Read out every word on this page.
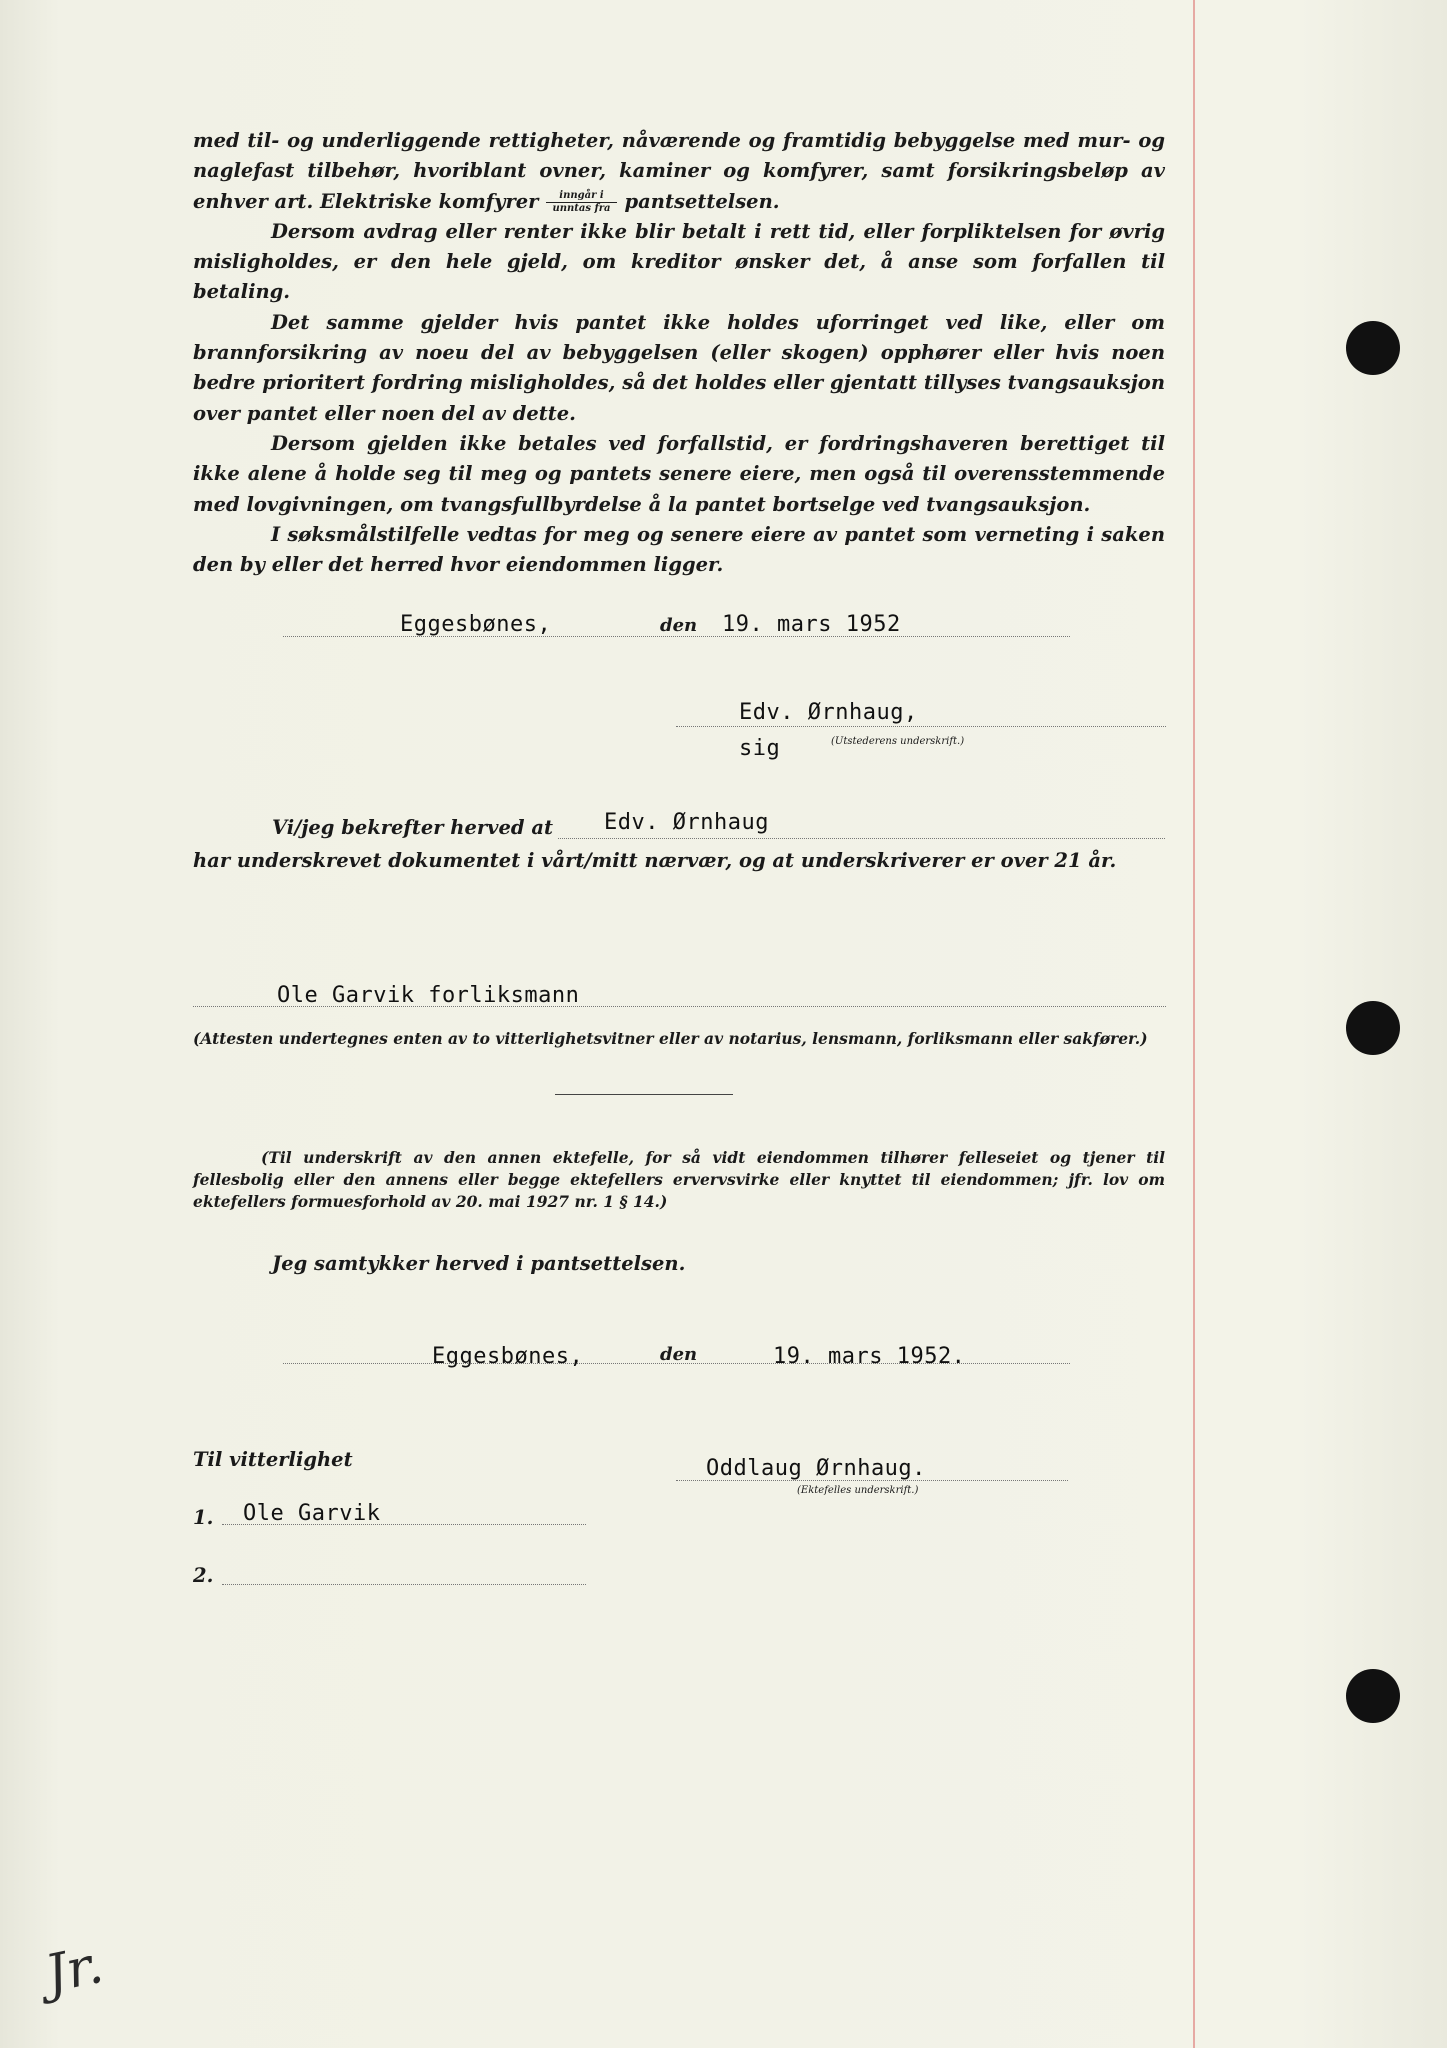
med til- og underliggende rettigheter, nåværende og framtidig bebyggelse med mur- og naglefast tilbehør, hvoriblant ovner, kaminer og komfyrer, samt forsikringsbeløp av enhver art. Elektriske komfyrer $\frac{\text{inngår i}}{\text{unntas fra}}$ pantsettelsen.

Dersom avdrag eller renter ikke blir betalt i rett tid, eller forpliktelsen for øvrig misligholdes, er den hele gjeld, om kreditor ønsker det, å anse som forfallen til betaling.

Det samme gjelder hvis pantet ikke holdes uforringet ved like, eller om brannforsikring av noeu del av bebyggelsen (eller skogen) opphører eller hvis noen bedre prioritert fordring misligholdes, så det holdes eller gjentatt tillyses tvangsauksjon over pantet eller noen del av dette.

Dersom gjelden ikke betales ved forfallstid, er fordringshaveren berettiget til ikke alene å holde seg til meg og pantets senere eiere, men også til overensstemmende med lovgivningen, om tvangsfullbyrdelse å la pantet bortselge ved tvangsauksjon.

I søksmålstilfelle vedtas for meg og senere eiere av pantet som verneting i saken den by eller det herred hvor eiendommen ligger.

Eggesbønes,	den 19. mars 1952
Edv. Ørnhaug,
sig	(Utstederens underskrift.)
Vi/jeg bekrefter herved at Edv. Ørnhaug
har underskrevet dokumentet i vårt/mitt nærvær, og at underskriverer er over 21 år.
Ole Garvik forliksmann
(Attesten undertegnes enten av to vitterlighetsvitner eller av notarius, lensmann, forliksmann eller sakfører.)

(Til underskrift av den annen ektefelle, for så vidt eiendommen tilhører felleseiet og tjener til fellesbolig eller den annens eller begge ektefellers ervervsvirke eller knyttet til eiendommen; jfr. lov om ektefellers formuesforhold av 20. mai 1927 nr. 1 § 14.)

Jeg samtykker herved i pantsettelsen.
Eggesbønes,	den	19. mars 1952.
Til vitterlighet	Oddlaug Ørnhaug.
(Ektefelles underskrift.)
1. Ole Garvik
2.
Jr.
